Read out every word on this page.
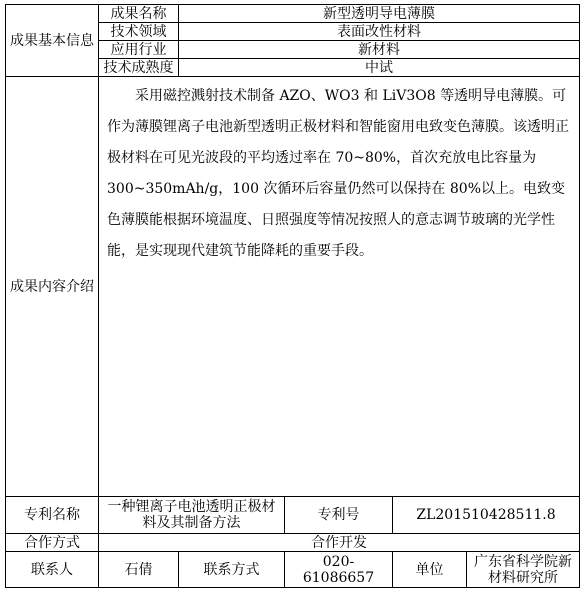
成果基本信息	成果名称	新型透明导电薄膜			
	技术领域	表面改性材料			
	应用行业	新材料			
	技术成熟度	中试			
成果内容介绍	采用磁控溅射技术制备 AZO、WO3 和 LiV3O8 等透明导电薄膜。可作为薄膜锂离子电池新型透明正极材料和智能窗用电致变色薄膜。该透明正极材料在可见光波段的平均透过率在 70~80%，首次充放电比容量为 300~350mAh/g，100 次循环后容量仍然可以保持在 80%以上。电致变色薄膜能根据环境温度、日照强度等情况按照人的意志调节玻璃的光学性能，是实现现代建筑节能降耗的重要手段。				

专利名称	一种锂离子电池透明正极材料及其制备方法		专利号	ZL201510428511.8	
合作方式	合作开发				
联系人	石倩	联系方式	020-61086657	单位	广东省科学院新材料研究所
